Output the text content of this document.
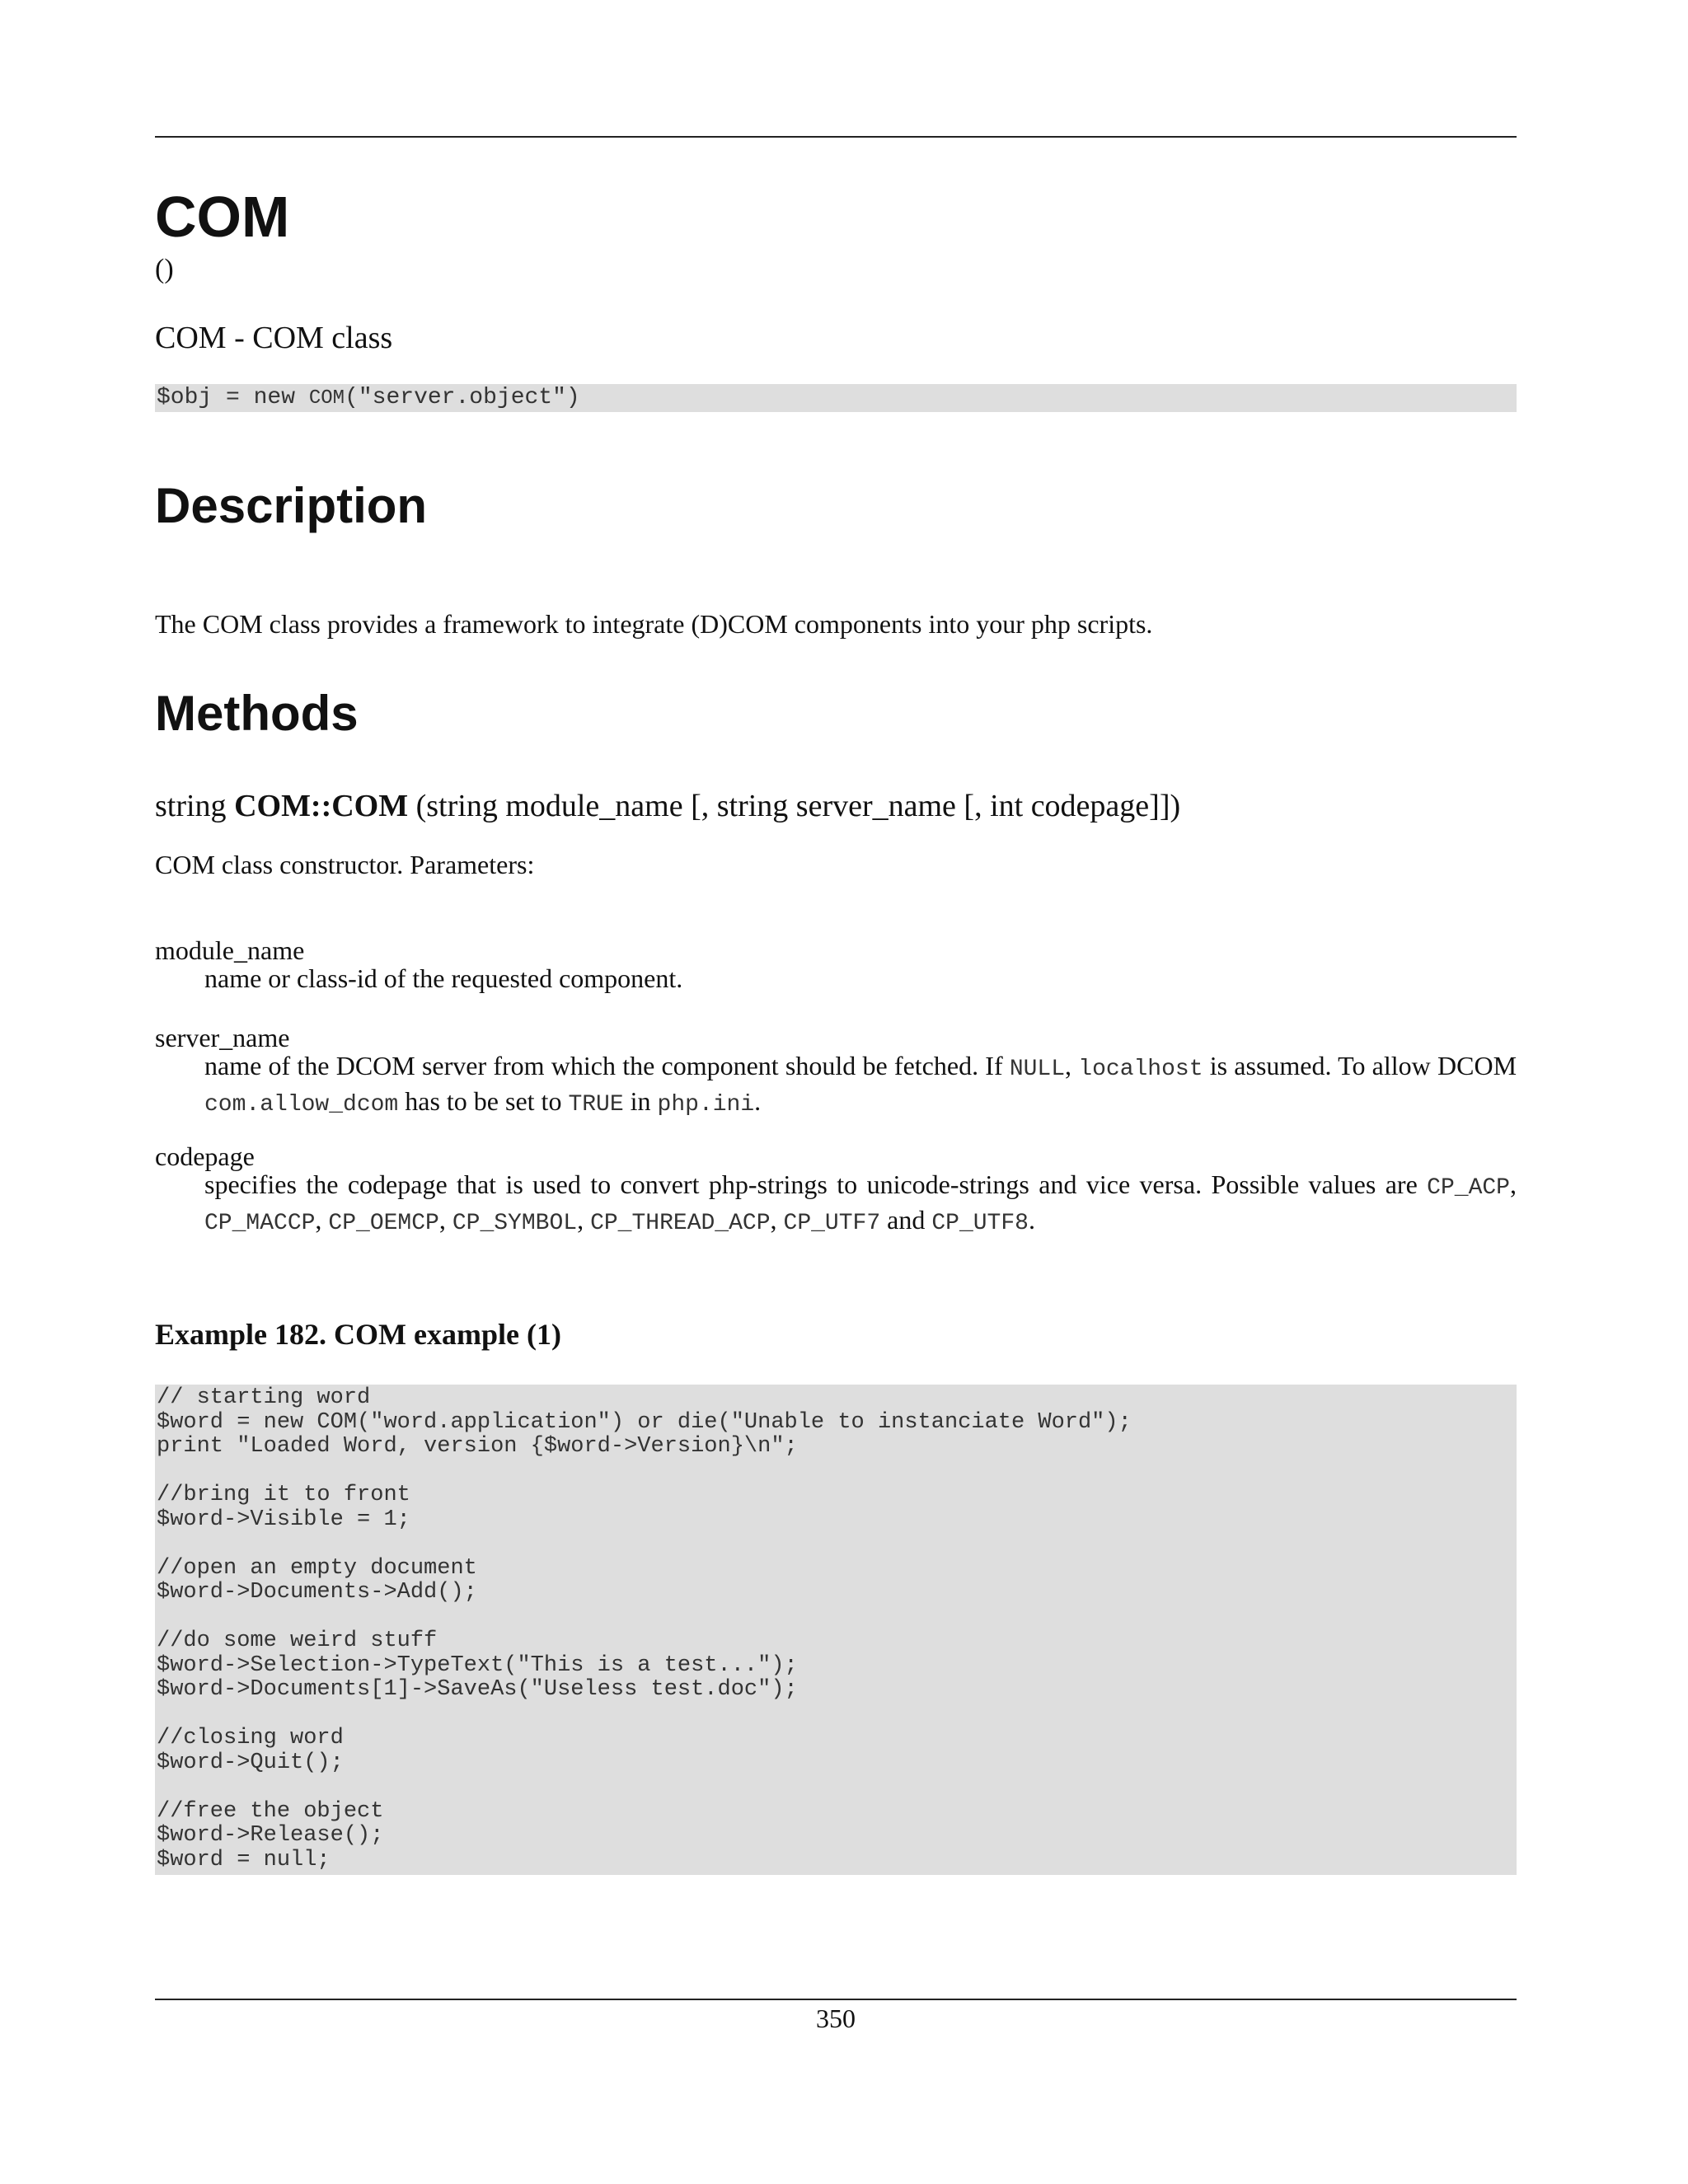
COM
()
COM - COM class
$obj = new COM("server.object")
Description
The COM class provides a framework to integrate (D)COM components into your php scripts.
Methods
string COM::COM (string module_name [, string server_name [, int codepage]])
COM class constructor. Parameters:
module_name
name or class-id of the requested component.
server_name
name of the DCOM server from which the component should be fetched. If NULL, localhost is assumed. To allow DCOM com.allow_dcom has to be set to TRUE in php.ini.
codepage
specifies the codepage that is used to convert php-strings to unicode-strings and vice versa. Possible values are CP_ACP, CP_MACCP, CP_OEMCP, CP_SYMBOL, CP_THREAD_ACP, CP_UTF7 and CP_UTF8.
Example 182. COM example (1)
// starting word
$word = new COM("word.application") or die("Unable to instanciate Word");
print "Loaded Word, version {$word->Version}\n";
//bring it to front
$word->Visible = 1;
//open an empty document
$word->Documents->Add();
//do some weird stuff
$word->Selection->TypeText("This is a test...");
$word->Documents[1]->SaveAs("Useless test.doc");
//closing word
$word->Quit();
//free the object
$word->Release();
$word = null;
350
